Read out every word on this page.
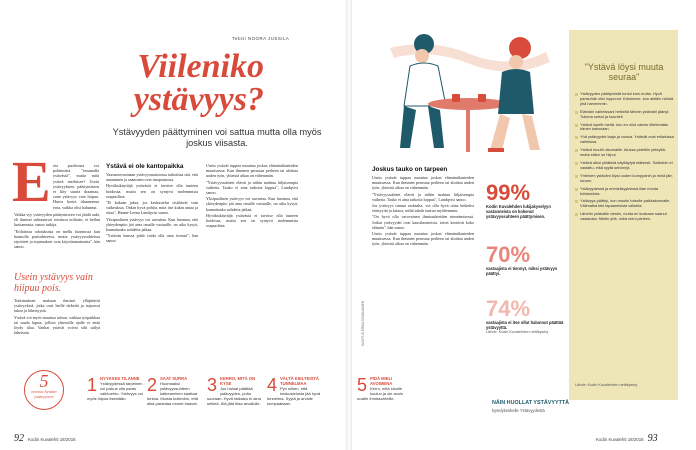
Teksti NOORA JUSSILA
Viileniko ystävyys?
Ystävyyden päättyminen voi sattua mutta olla myös joskus viisasta.
E rea puolisosta voi pohtimistä "eroamalla ystävästä", mutta mitä ystävä merkitsee? Usein ystävyyksien päättymiseen ei liity suurta draamaa, vaan ystävyys vain hiipuu. Harva kertoi tilanneensa eroa, vaikka olisi halunnut.

Vaikka syy ystävyyden päättymiseen voi jäädä auki, eli ihmiset suhtautuvat toisiinsa erilaisin, ei heihin luottamusta, sanoo tutkija.

"Erilaisista odotuksista on mellu luonnossa kun haastolla parisuhteessa, mutta ystävyyssuhteissa rajoitteet ja sopimukset ovat kirjoittamattomia", hän sanoo.

Usein ystävyys vain hiipuu pois.

Tutkimuksen mukaan ihmiset ylläpitävät ystävyyksiä, jotka ovat heille tärkeitä ja tarjoavat tukea ja läheisyyttä.

Ystävä voi myös muuttaa taloon, vaihtaa työpaikkaa tai saada lapsia, jolloin yhteiselle ajalle ei enää löydy tilaa. Vanhat ystävät voivat silti säilyä läheisinä.

Ystävä ei ole kantopaikka

Vaasanrovasinaan ystävyysmuistossa tarkoittaa sitä, että antaminen ja saaminen ovat tasapainossa.

Hyväksikäyttäjä ystävästä ei tarvitse olla tunteen hoidossa, mutta sen on syntyvä molemmista osapuolista.

"Ei kukaan jaksa, jos keskustelut sisältävät vain vaikeuksia. Onkin hyvä pohtia, mitä itse kukin antaa ja ottaa", Hanne-Leena Lundqvist sanoo.

Yksipuolinen ystävyys voi uuvuttaa. Kun huomaa, että yhteydenpito jää aina omalle vastuulle, on aika kysyä, kannattaako suhdetta jatkaa.

"Ystävän kanssa pitää voida olla oma itsensä", hän sanoo.

Usein ystävät tuppaa muuttaa joskus elämäntilanteiden muuttuessa. Kun ihminen perustaa perheen tai aloittaa uuden työn, yhteistä aikaa on vähemmän.

"Ystävyyssuhteet elävät ja niihin mahtuu hiljaisempia vaiheita. Tauko ei aina tarkoita loppua", Lundqvist sanoo.

Yksipuolinen ystävyys voi uuvuttaa. Kun huomaa, että yhteydenpito jää aina omalle vastuulle, on aika kysyä, kannattaako suhdetta jatkaa.

Hyväksikäyttäjä ystävästä ei tarvitse olla tunteen hoidossa, mutta sen on syntyvä molemmista osapuolista.

5
neuvoa hyvään ystävyyteen
1 NYYKKEE TILANNE
Ystävyydessä tarpeinen voi joskus olla paras vaihtoehto. Ystävyys voi myös hiipua itsestään.
2 SAAT SURRA
Huomaaksi ystävyyssuhteen katkeaminen saattaa tuntua. Muista kuitenkin, että aika parantaa monet haavat.
3 KERRO, MITÄ ON KYSE
Jos haluat päättää ystävyyden, puhu suoraan. Hyvä ratkaisu ei aina selkeä. Älä jätä tilaa arvailulle.
4 VÄLTÄ KIELTEISTÄ TUNNELMAA
Pyri siihen, että keskustelusta jää hyvä tunnelma. Syytä ja arvaile kumpaakaan.
5 PIDÄ MIELI AVOIMENA
Kerro, mitä sinulle kuuluu ja ole avoin uusille ihmissuhteille.
92 Kodin Kuvalehti 18/2016
Joskus tauko on tarpeen

Usein ystävät tuppaa muuttaa joskus elämäntilanteiden muuttuessa. Kun ihminen perustaa perheen tai aloittaa uuden työn, yhteistä aikaa on vähemmän.

"Ystävyyssuhteet elävät ja niihin mahtuu hiljaisempia vaiheita. Tauko ei aina tarkoita loppua", Lundqvist sanoo.

Jos ystävyys tuntuu raskaalta, voi olla hyvä ottaa hetkeksi etäisyyttä ja katsoa, miltä suhde tuntuu myöhemmin.

"On hyvä olla varovainen ihmissuhteiden nimeämisessä. Jotkut ystävyydet ovat kausiluonteisia, toiset kestävät koko elämän", hän sanoo.

Usein ystävät tuppaa muuttaa joskus elämäntilanteiden muuttuessa. Kun ihminen perustaa perheen tai aloittaa uuden työn, yhteistä aikaa on vähemmän.

KUVITUS ERIKA KOVALAINEN
99%
Kodin Kuvalehden lukijakyselyyn vastanneista on kokenut ystävyyssuhteen päättymisen.
70%
vastaajista ei tiennyt, miksi ystävyys päättyi.
74%
vastaajista ei itse ollut halunnut päättää ystävyyttä.
Lähde: Kodin Kuvalehden nettikysely
NÄIN HUOLLAT YSTÄVYYTTÄ
kyselykeskelle Ystävyydestä
"Ystävä löysi muuta seuraa"
Ystävyyden päättymistä tuntui kuin erolta. Hyvä parisuhde olisi loppunut. Kärsimme, kun alettiin nähdä yhä harvemmin.
Elämäni vaiheissani hetkellä tärkein ystäväni jäänyt. Tukena seisoi ja kuunteli.
Ystävä lopetti meitä, kun en ollut valmis riitelemään hänen kanssaan.
Yhä ystävyydet laaja ja vuosia. Ystävät ovat erilaisissa vaiheissa.
Ystävä muutti ulkomaille. Alussa pidettiin yhteyttä, mutta sitten se hiipui.
Ystävä alkoi yhtäkkiä käyttäytyä etäisesti. Soittoihin ei vastattu, eikä syytä selvinnyt.
Yhteinen ystäväni löysi uuden kumppanin ja minä jäin sivuun.
Ystävyydessä ja erimielisyyksissä liian monta tulistumista.
Ystävyys päättyi, kun muutin toiselle paikkakunnalle. Välimatka teki tapaamisista vaikeita.
Lähetin ystävälle viestin, mutta en koskaan saanut vastausta. Mietin yhä, mikä meni pieleen.
Lähde: Kodin Kuvalehden nettikysely
Kodin Kuvalehti 18/2016 93
